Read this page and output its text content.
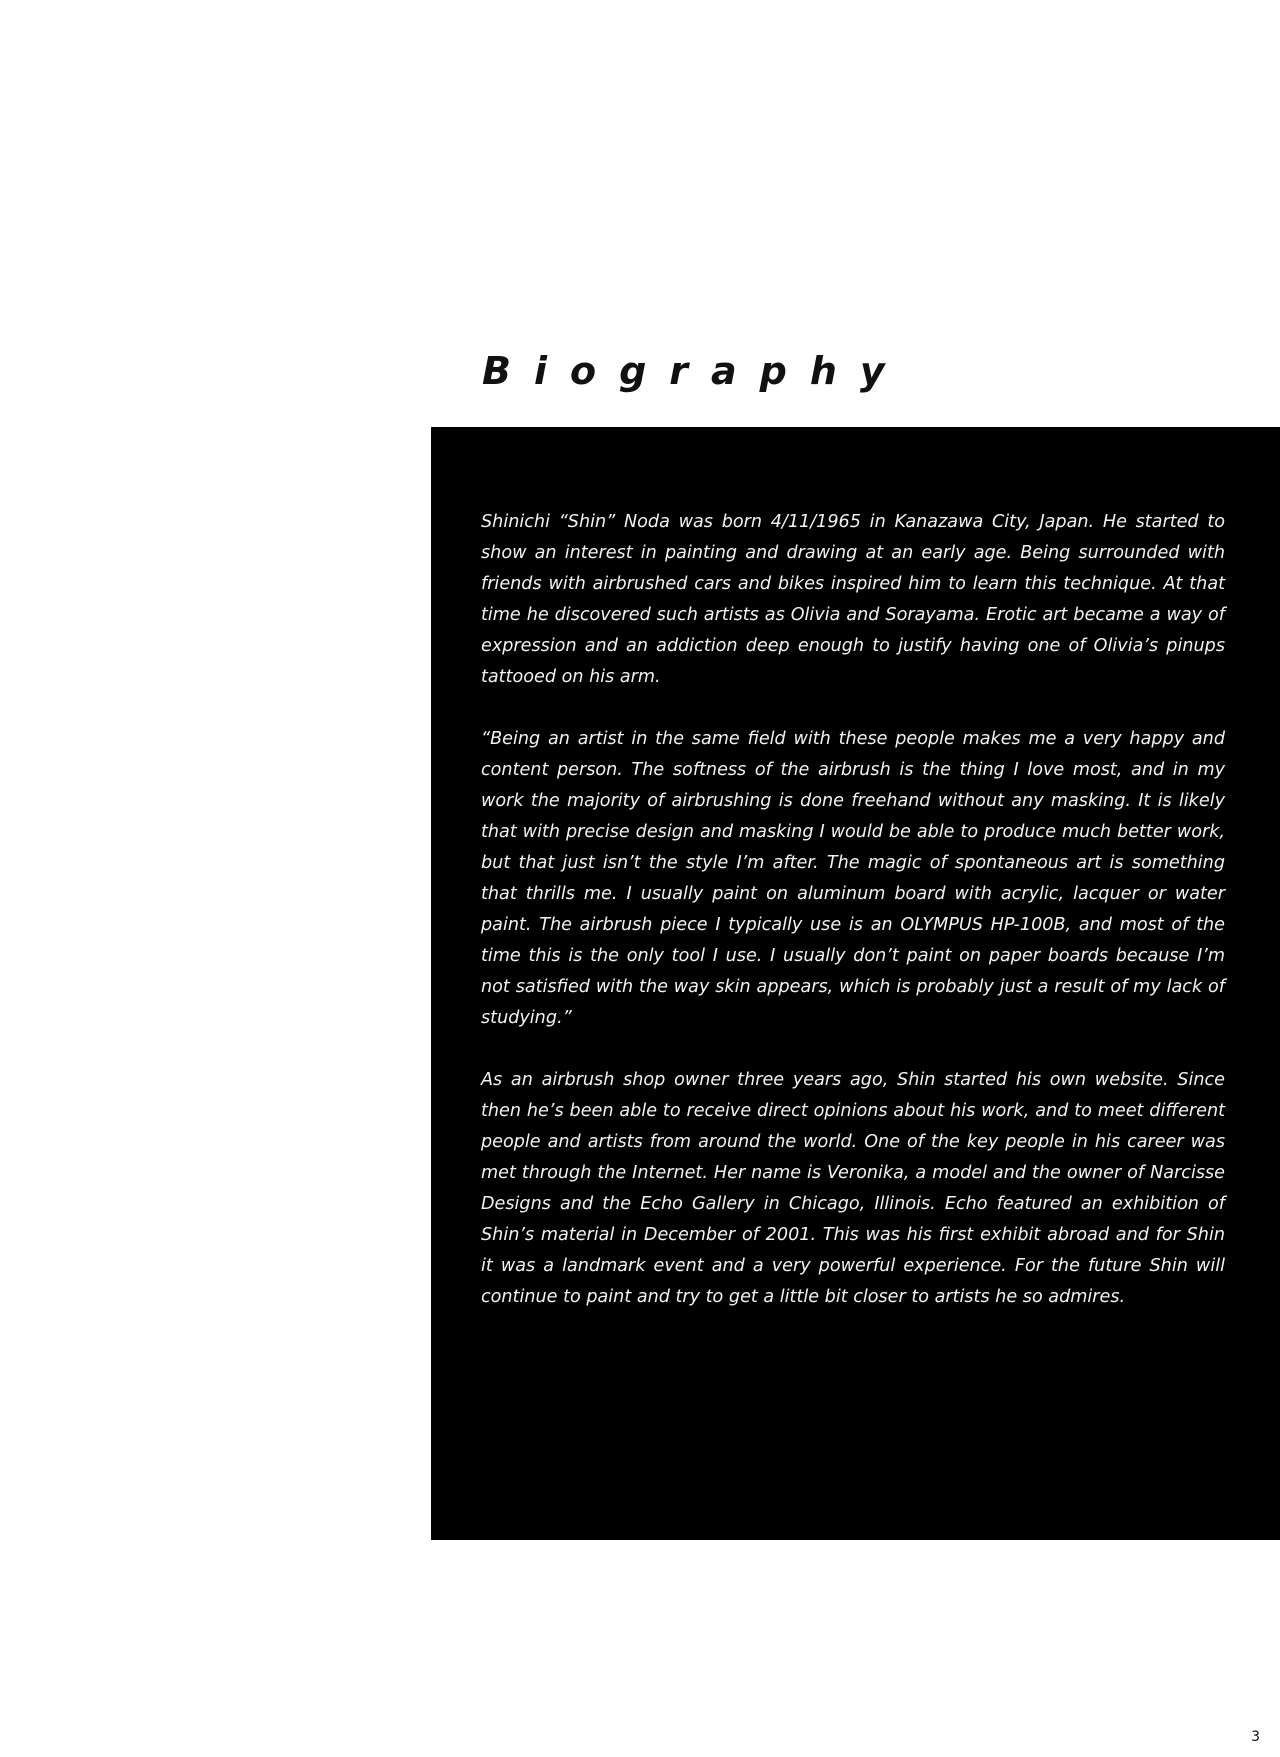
Biography

Shinichi “Shin” Noda was born 4/11/1965 in Kanazawa City, Japan. He started to show an interest in painting and drawing at an early age. Being surrounded with friends with airbrushed cars and bikes inspired him to learn this technique. At that time he discovered such artists as Olivia and Sorayama. Erotic art became a way of expression and an addiction deep enough to justify having one of Olivia’s pinups tattooed on his arm.

“Being an artist in the same field with these people makes me a very happy and content person. The softness of the airbrush is the thing I love most, and in my work the majority of airbrushing is done freehand without any masking. It is likely that with precise design and masking I would be able to produce much better work, but that just isn’t the style I’m after. The magic of spontaneous art is something that thrills me. I usually paint on aluminum board with acrylic, lacquer or water paint. The airbrush piece I typically use is an OLYMPUS HP-100B, and most of the time this is the only tool I use. I usually don’t paint on paper boards because I’m not satisfied with the way skin appears, which is probably just a result of my lack of studying.”

As an airbrush shop owner three years ago, Shin started his own website. Since then he’s been able to receive direct opinions about his work, and to meet different people and artists from around the world. One of the key people in his career was met through the Internet. Her name is Veronika, a model and the owner of Narcisse Designs and the Echo Gallery in Chicago, Illinois. Echo featured an exhibition of Shin’s material in December of 2001. This was his first exhibit abroad and for Shin it was a landmark event and a very powerful experience. For the future Shin will continue to paint and try to get a little bit closer to artists he so admires.

3
